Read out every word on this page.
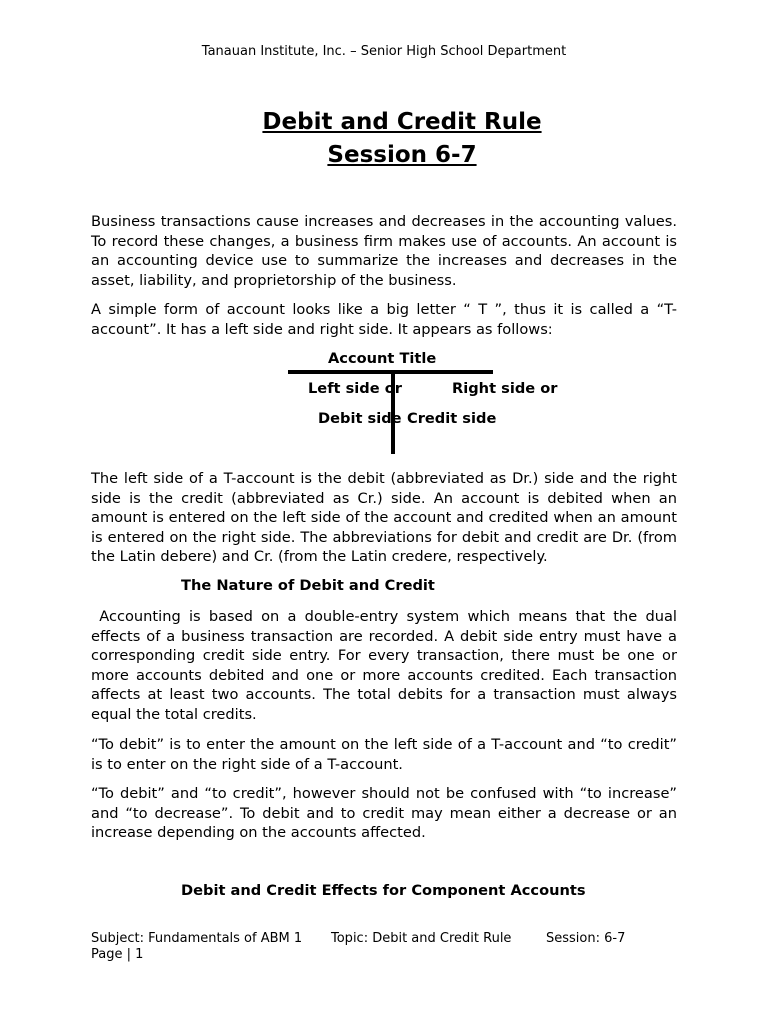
Tanauan Institute, Inc. – Senior High School Department
Debit and Credit Rule
Session 6-7
Business transactions cause increases and decreases in the accounting values. To record these changes, a business firm makes use of accounts. An account is an accounting device use to summarize the increases and decreases in the asset, liability, and proprietorship of the business.
A simple form of account looks like a big letter “ T ”, thus it is called a “T-account”. It has a left side and right side. It appears as follows:
Account Title
Left side or	Right side or
Debit side Credit side
The left side of a T-account is the debit (abbreviated as Dr.) side and the right side is the credit (abbreviated as Cr.) side. An account is debited when an amount is entered on the left side of the account and credited when an amount is entered on the right side. The abbreviations for debit and credit are Dr. (from the Latin debere) and Cr. (from the Latin credere, respectively.
The Nature of Debit and Credit
Accounting is based on a double-entry system which means that the dual effects of a business transaction are recorded. A debit side entry must have a corresponding credit side entry. For every transaction, there must be one or more accounts debited and one or more accounts credited. Each transaction affects at least two accounts. The total debits for a transaction must always equal the total credits.
“To debit” is to enter the amount on the left side of a T-account and “to credit” is to enter on the right side of a T-account.
“To debit” and “to credit”, however should not be confused with “to increase” and “to decrease”. To debit and to credit may mean either a decrease or an increase depending on the accounts affected.
Debit and Credit Effects for Component Accounts
Subject: Fundamentals of ABM 1 Topic: Debit and Credit Rule	Session: 6-7
Page | 1
